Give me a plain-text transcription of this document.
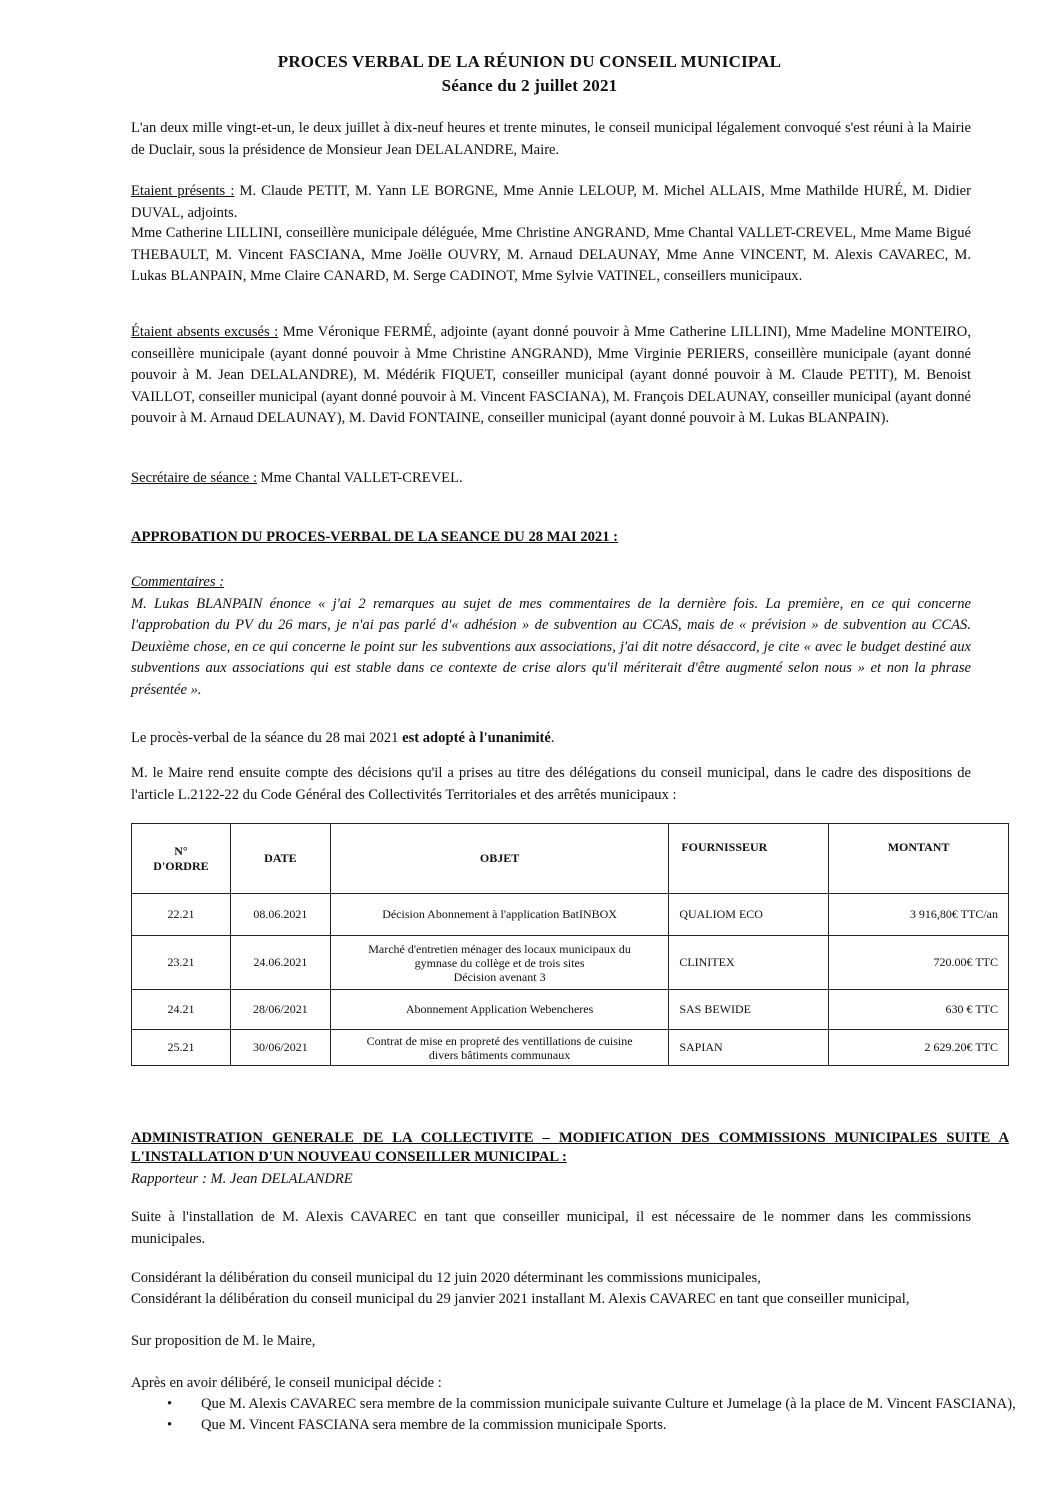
PROCES VERBAL DE LA RÉUNION DU CONSEIL MUNICIPAL
Séance du 2 juillet 2021
L'an deux mille vingt-et-un, le deux juillet à dix-neuf heures et trente minutes, le conseil municipal légalement convoqué s'est réuni à la Mairie de Duclair, sous la présidence de Monsieur Jean DELALANDRE, Maire.
Etaient présents : M. Claude PETIT, M. Yann LE BORGNE, Mme Annie LELOUP, M. Michel ALLAIS, Mme Mathilde HURÉ, M. Didier DUVAL, adjoints.
Mme Catherine LILLINI, conseillère municipale déléguée, Mme Christine ANGRAND, Mme Chantal VALLET-CREVEL, Mme Mame Bigué THEBAULT, M. Vincent FASCIANA, Mme Joëlle OUVRY, M. Arnaud DELAUNAY, Mme Anne VINCENT, M. Alexis CAVAREC, M. Lukas BLANPAIN, Mme Claire CANARD, M. Serge CADINOT, Mme Sylvie VATINEL, conseillers municipaux.
Étaient absents excusés : Mme Véronique FERMÉ, adjointe (ayant donné pouvoir à Mme Catherine LILLINI), Mme Madeline MONTEIRO, conseillère municipale (ayant donné pouvoir à Mme Christine ANGRAND), Mme Virginie PERIERS, conseillère municipale (ayant donné pouvoir à M. Jean DELALANDRE), M. Médérik FIQUET, conseiller municipal (ayant donné pouvoir à M. Claude PETIT), M. Benoist VAILLOT, conseiller municipal (ayant donné pouvoir à M. Vincent FASCIANA), M. François DELAUNAY, conseiller municipal (ayant donné pouvoir à M. Arnaud DELAUNAY), M. David FONTAINE, conseiller municipal (ayant donné pouvoir à M. Lukas BLANPAIN).
Secrétaire de séance : Mme Chantal VALLET-CREVEL.
APPROBATION DU PROCES-VERBAL DE LA SEANCE DU 28 MAI 2021 :
Commentaires :
M. Lukas BLANPAIN énonce « j'ai 2 remarques au sujet de mes commentaires de la dernière fois. La première, en ce qui concerne l'approbation du PV du 26 mars, je n'ai pas parlé d'« adhésion » de subvention au CCAS, mais de « prévision » de subvention au CCAS. Deuxième chose, en ce qui concerne le point sur les subventions aux associations, j'ai dit notre désaccord, je cite « avec le budget destiné aux subventions aux associations qui est stable dans ce contexte de crise alors qu'il mériterait d'être augmenté selon nous » et non la phrase présentée ».
Le procès-verbal de la séance du 28 mai 2021 est adopté à l'unanimité.
M. le Maire rend ensuite compte des décisions qu'il a prises au titre des délégations du conseil municipal, dans le cadre des dispositions de l'article L.2122-22 du Code Général des Collectivités Territoriales et des arrêtés municipaux :
N°
D'ORDRE	DATE	OBJET	FOURNISSEUR	MONTANT
22.21	08.06.2021	Décision Abonnement à l'application BatINBOX	QUALIOM ECO	3 916,80€ TTC/an
23.21	24.06.2021	Marché d'entretien ménager des locaux municipaux du
gymnase du collège et de trois sites
Décision avenant 3	CLINITEX	720.00€ TTC
24.21	28/06/2021	Abonnement Application Webencheres	SAS BEWIDE	630 € TTC
25.21	30/06/2021	Contrat de mise en propreté des ventillations de cuisine
divers bâtiments communaux	SAPIAN	2 629.20€ TTC
ADMINISTRATION GENERALE DE LA COLLECTIVITE – MODIFICATION DES COMMISSIONS MUNICIPALES SUITE A L'INSTALLATION D'UN NOUVEAU CONSEILLER MUNICIPAL :
Rapporteur : M. Jean DELALANDRE
Suite à l'installation de M. Alexis CAVAREC en tant que conseiller municipal, il est nécessaire de le nommer dans les commissions municipales.
Considérant la délibération du conseil municipal du 12 juin 2020 déterminant les commissions municipales,
Considérant la délibération du conseil municipal du 29 janvier 2021 installant M. Alexis CAVAREC en tant que conseiller municipal,
Sur proposition de M. le Maire,
Après en avoir délibéré, le conseil municipal décide :
• Que M. Alexis CAVAREC sera membre de la commission municipale suivante Culture et Jumelage (à la place de M. Vincent FASCIANA),
• Que M. Vincent FASCIANA sera membre de la commission municipale Sports.
